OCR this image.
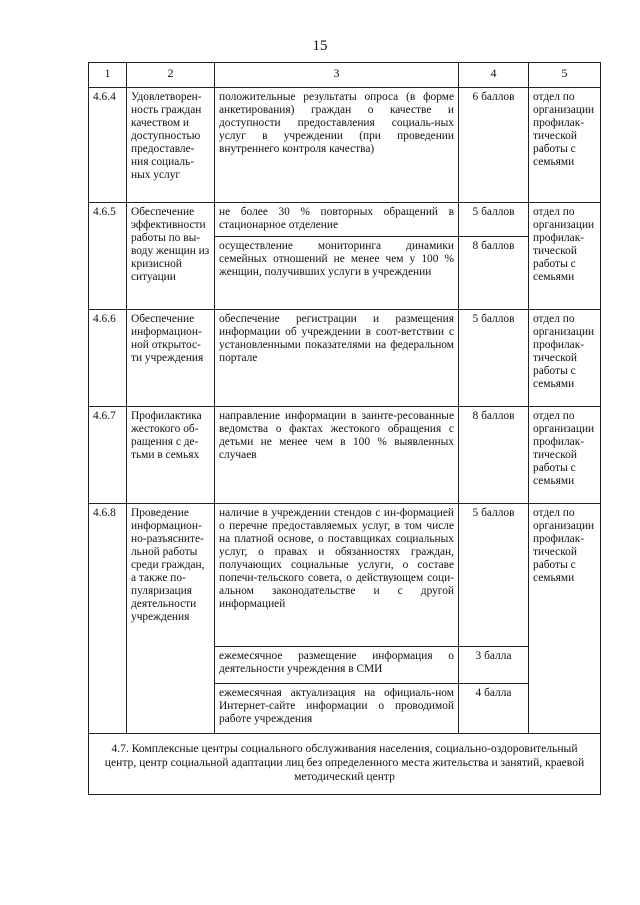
15
1	2	3	4	5
4.6.4	Удовлетворен-ность граждан качеством и доступностью предоставле-ния социаль-ных услуг	положительные результаты опроса (в форме анкетирования) граждан о качестве и доступности предоставления социаль-ных услуг в учреждении (при проведении внутреннего контроля качества)	6 баллов	отдел по организации профилак-тической работы с семьями
4.6.5	Обеспечение эффективности работы по вы-воду женщин из кризисной ситуации	не более 30 % повторных обращений в стационарное отделение	5 баллов	отдел по организации профилак-тической работы с семьями
		осуществление мониторинга динамики семейных отношений не менее чем у 100 % женщин, получивших услуги в учреждении	8 баллов	
4.6.6	Обеспечение информацион-ной открытос-ти учреждения	обеспечение регистрации и размещения информации об учреждении в соот-ветствии с установленными показателями на федеральном портале	5 баллов	отдел по организации профилак-тической работы с семьями
4.6.7	Профилактика жестокого об-ращения с де-тьми в семьях	направление информации в заинте-ресованные ведомства о фактах жестокого обращения с детьми не менее чем в 100 % выявленных случаев	8 баллов	отдел по организации профилак-тической работы с семьями
4.6.8	Проведение информацион-но-разъясните-льной работы среди граждан, а также по-пуляризация деятельности учреждения	наличие в учреждении стендов с ин-формацией о перечне предоставляемых услуг, в том числе на платной основе, о поставщиках социальных услуг, о правах и обязанностях граждан, получающих социальные услуги, о составе попечи-тельского совета, о действующем соци-альном законодательстве и с другой информацией	5 баллов	отдел по организации профилак-тической работы с семьями
		ежемесячное размещение информация о деятельности учреждения в СМИ	3 балла	
		ежемесячная актуализация на официаль-ном Интернет-сайте информации о проводимой работе учреждения	4 балла	
4.7. Комплексные центры социального обслуживания населения, социально-оздоровительный центр, центр социальной адаптации лиц без определенного места жительства и занятий, краевой методический центр				
